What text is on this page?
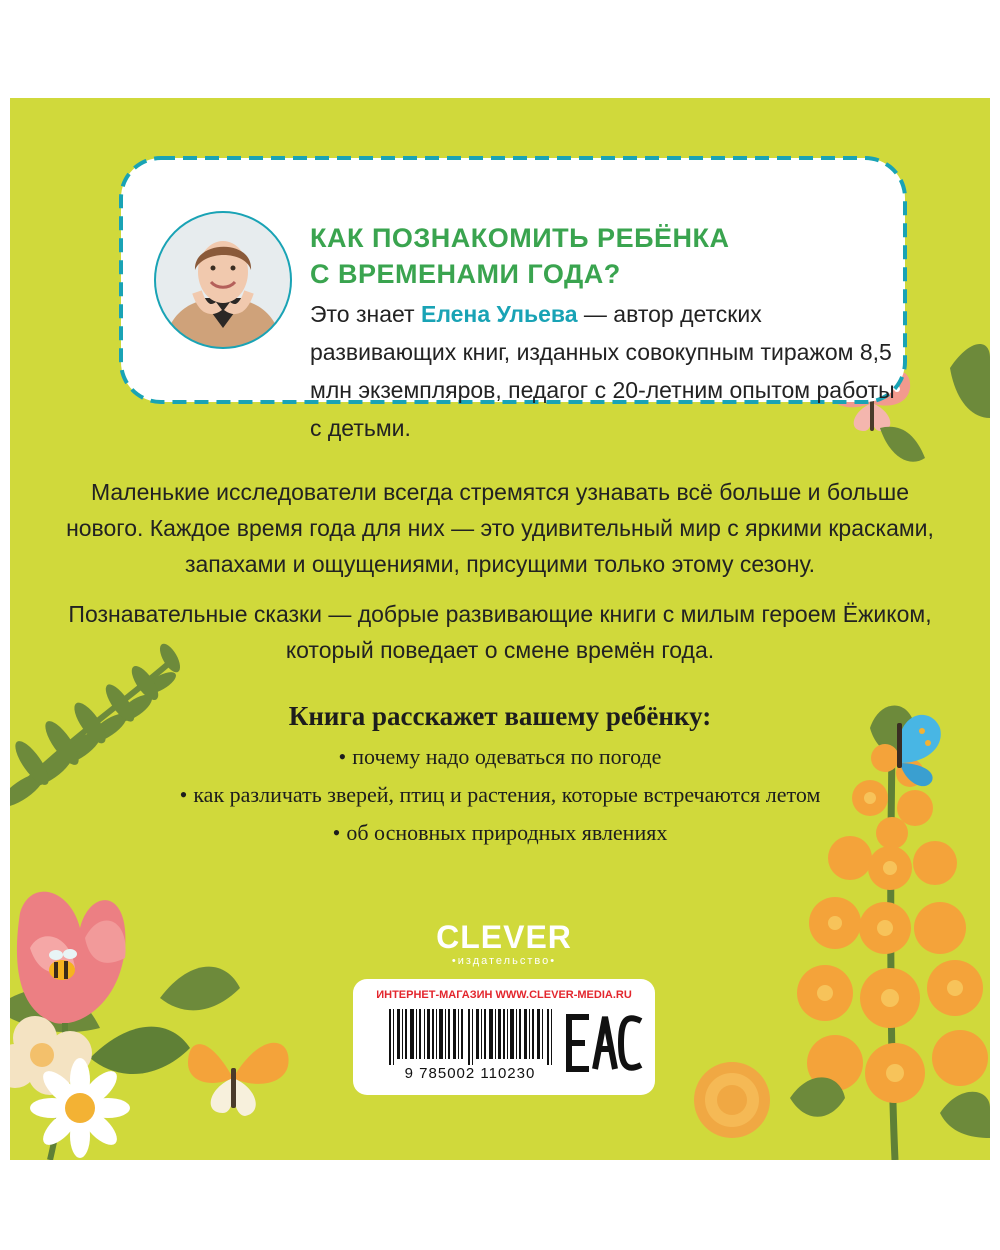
КАК ПОЗНАКОМИТЬ РЕБЁНКА
С ВРЕМЕНАМИ ГОДА?

Это знает Елена Ульева — автор детских развивающих книг, изданных совокупным тиражом 8,5 млн экземпляров, педагог с 20-летним опытом работы с детьми.

Маленькие исследователи всегда стремятся узнавать всё больше и больше нового. Каждое время года для них — это удивительный мир с яркими красками, запахами и ощущениями, присущими только этому сезону.

Познавательные сказки — добрые развивающие книги с милым героем Ёжиком, который поведает о смене времён года.

Книга расскажет вашему ребёнку:
• почему надо одеваться по погоде
• как различать зверей, птиц и растения, которые встречаются летом
• об основных природных явлениях
CLEVER
•издательство•
ИНТЕРНЕТ-МАГАЗИН WWW.CLEVER-MEDIA.RU
9 785002 110230
